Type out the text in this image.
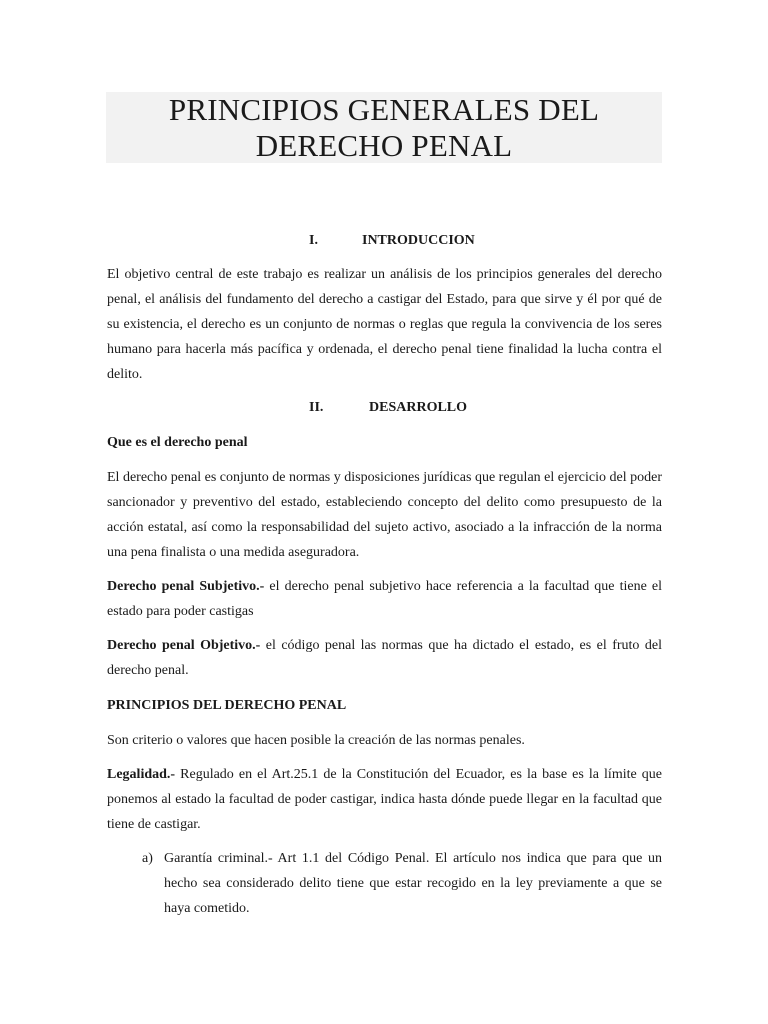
PRINCIPIOS GENERALES DEL
DERECHO PENAL
I.	INTRODUCCION
El objetivo central de este trabajo es realizar un análisis de los principios generales del derecho penal, el análisis del fundamento del derecho a castigar del Estado, para que sirve y él por qué de su existencia, el derecho es un conjunto de normas o reglas que regula la convivencia de los seres humano para hacerla más pacífica y ordenada, el derecho penal tiene finalidad la lucha contra el delito.
II.	DESARROLLO
Que es el derecho penal
El derecho penal es conjunto de normas y disposiciones jurídicas que regulan el ejercicio del poder sancionador y preventivo del estado, estableciendo concepto del delito como presupuesto de la acción estatal, así como la responsabilidad del sujeto activo, asociado a la infracción de la norma una pena finalista o una medida aseguradora.
Derecho penal Subjetivo.- el derecho penal subjetivo hace referencia a la facultad que tiene el estado para poder castigas
Derecho penal Objetivo.- el código penal las normas que ha dictado el estado, es el fruto del derecho penal.
PRINCIPIOS DEL DERECHO PENAL
Son criterio o valores que hacen posible la creación de las normas penales.
Legalidad.- Regulado en el Art.25.1 de la Constitución del Ecuador, es la base es la límite que ponemos al estado la facultad de poder castigar, indica hasta dónde puede llegar en la facultad que tiene de castigar.
a) Garantía criminal.- Art 1.1 del Código Penal. El artículo nos indica que para que un hecho sea considerado delito tiene que estar recogido en la ley previamente a que se haya cometido.
